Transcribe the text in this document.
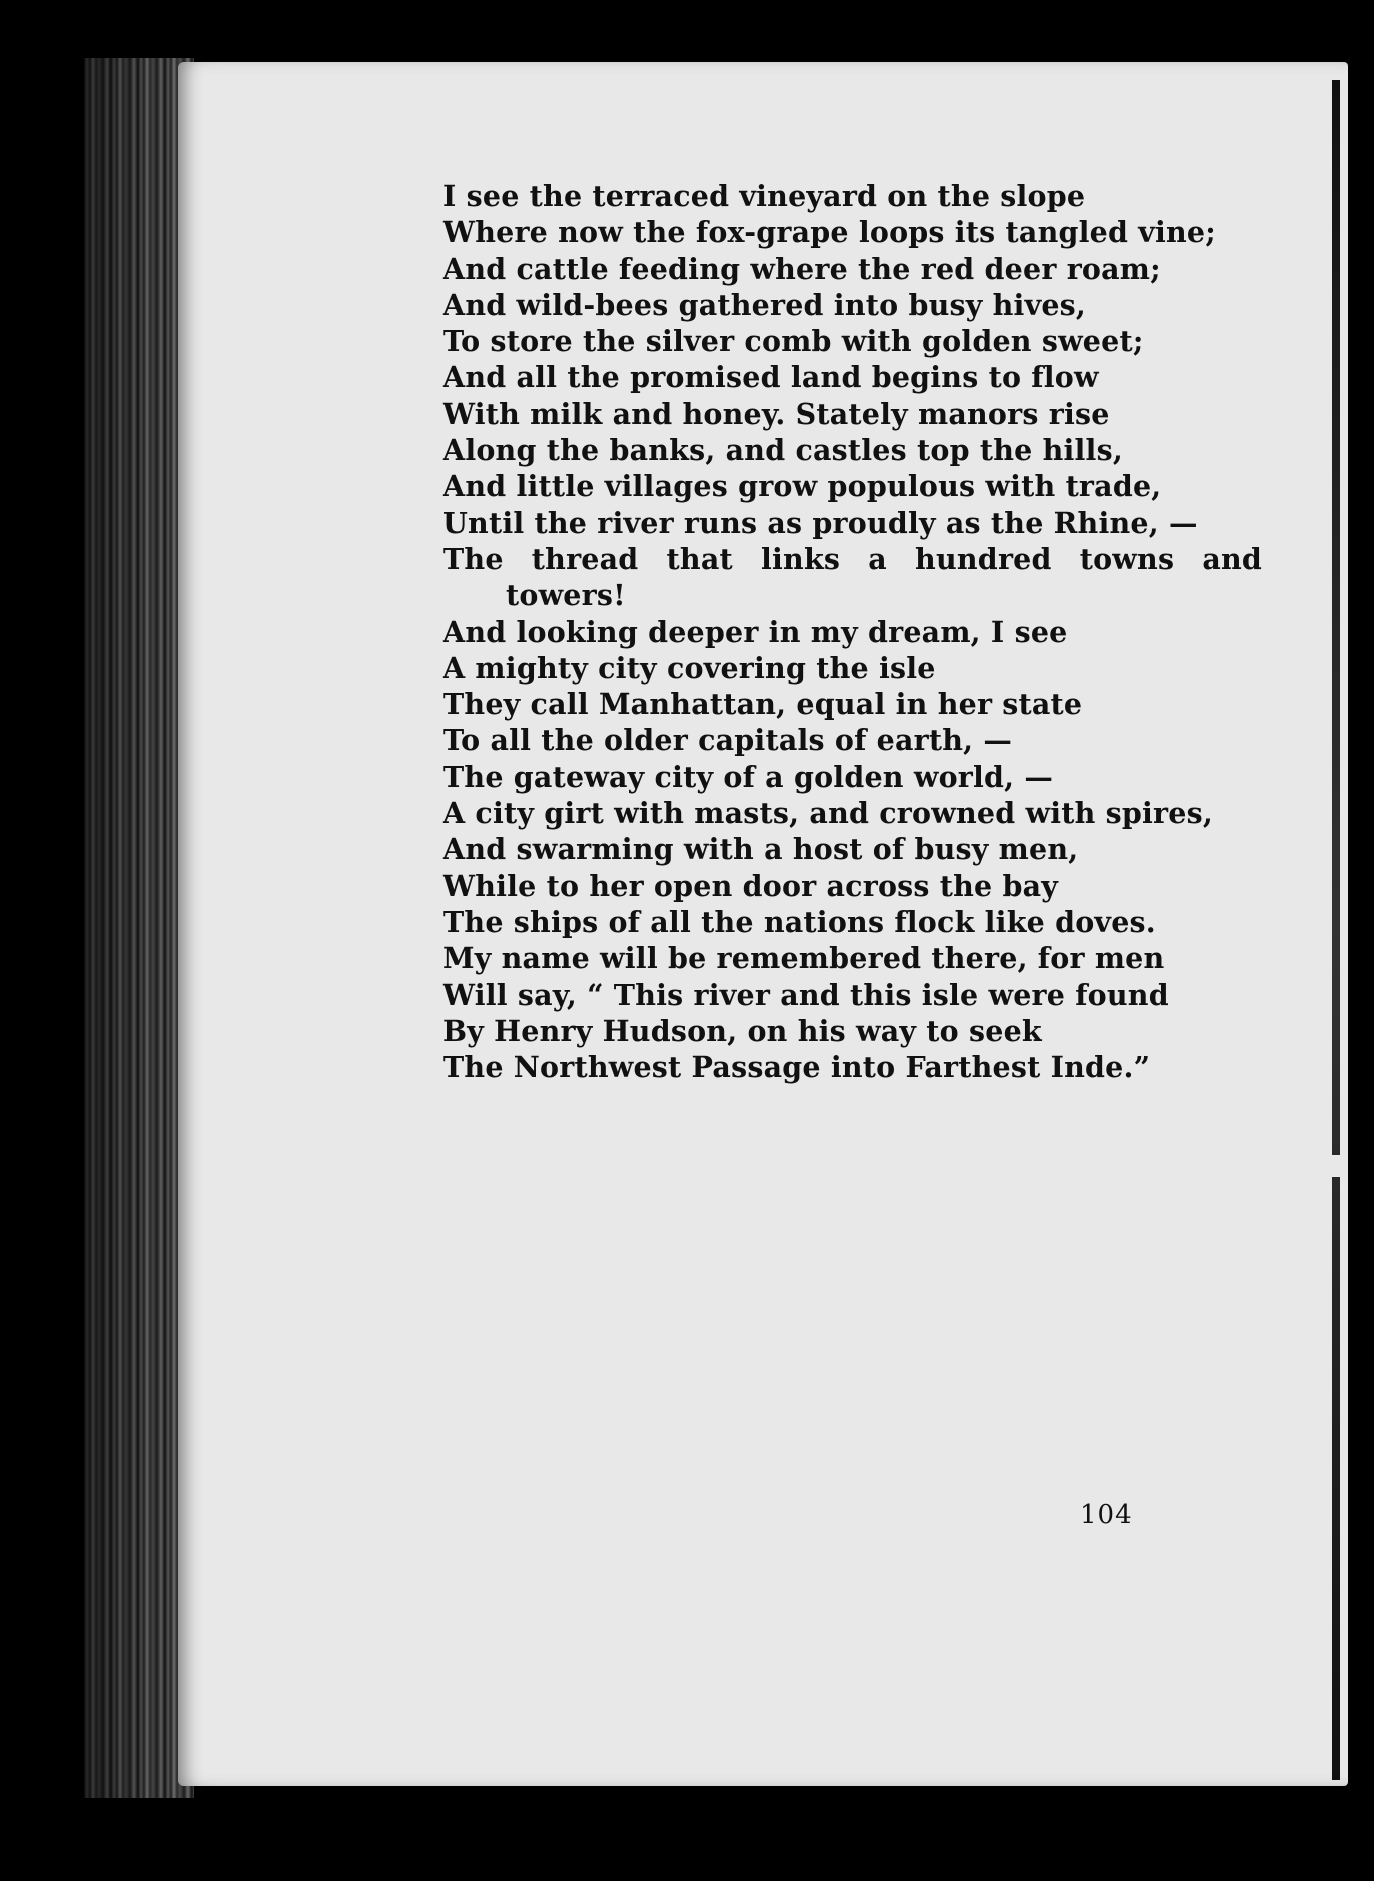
I see the terraced vineyard on the slope
Where now the fox-grape loops its tangled vine;
And cattle feeding where the red deer roam;
And wild-bees gathered into busy hives,
To store the silver comb with golden sweet;
And all the promised land begins to flow
With milk and honey. Stately manors rise
Along the banks, and castles top the hills,
And little villages grow populous with trade,
Until the river runs as proudly as the Rhine, —
The thread that links a hundred towns and
towers!
And looking deeper in my dream, I see
A mighty city covering the isle
They call Manhattan, equal in her state
To all the older capitals of earth, —
The gateway city of a golden world, —
A city girt with masts, and crowned with spires,
And swarming with a host of busy men,
While to her open door across the bay
The ships of all the nations flock like doves.
My name will be remembered there, for men
Will say, “ This river and this isle were found
By Henry Hudson, on his way to seek
The Northwest Passage into Farthest Inde.”
104
